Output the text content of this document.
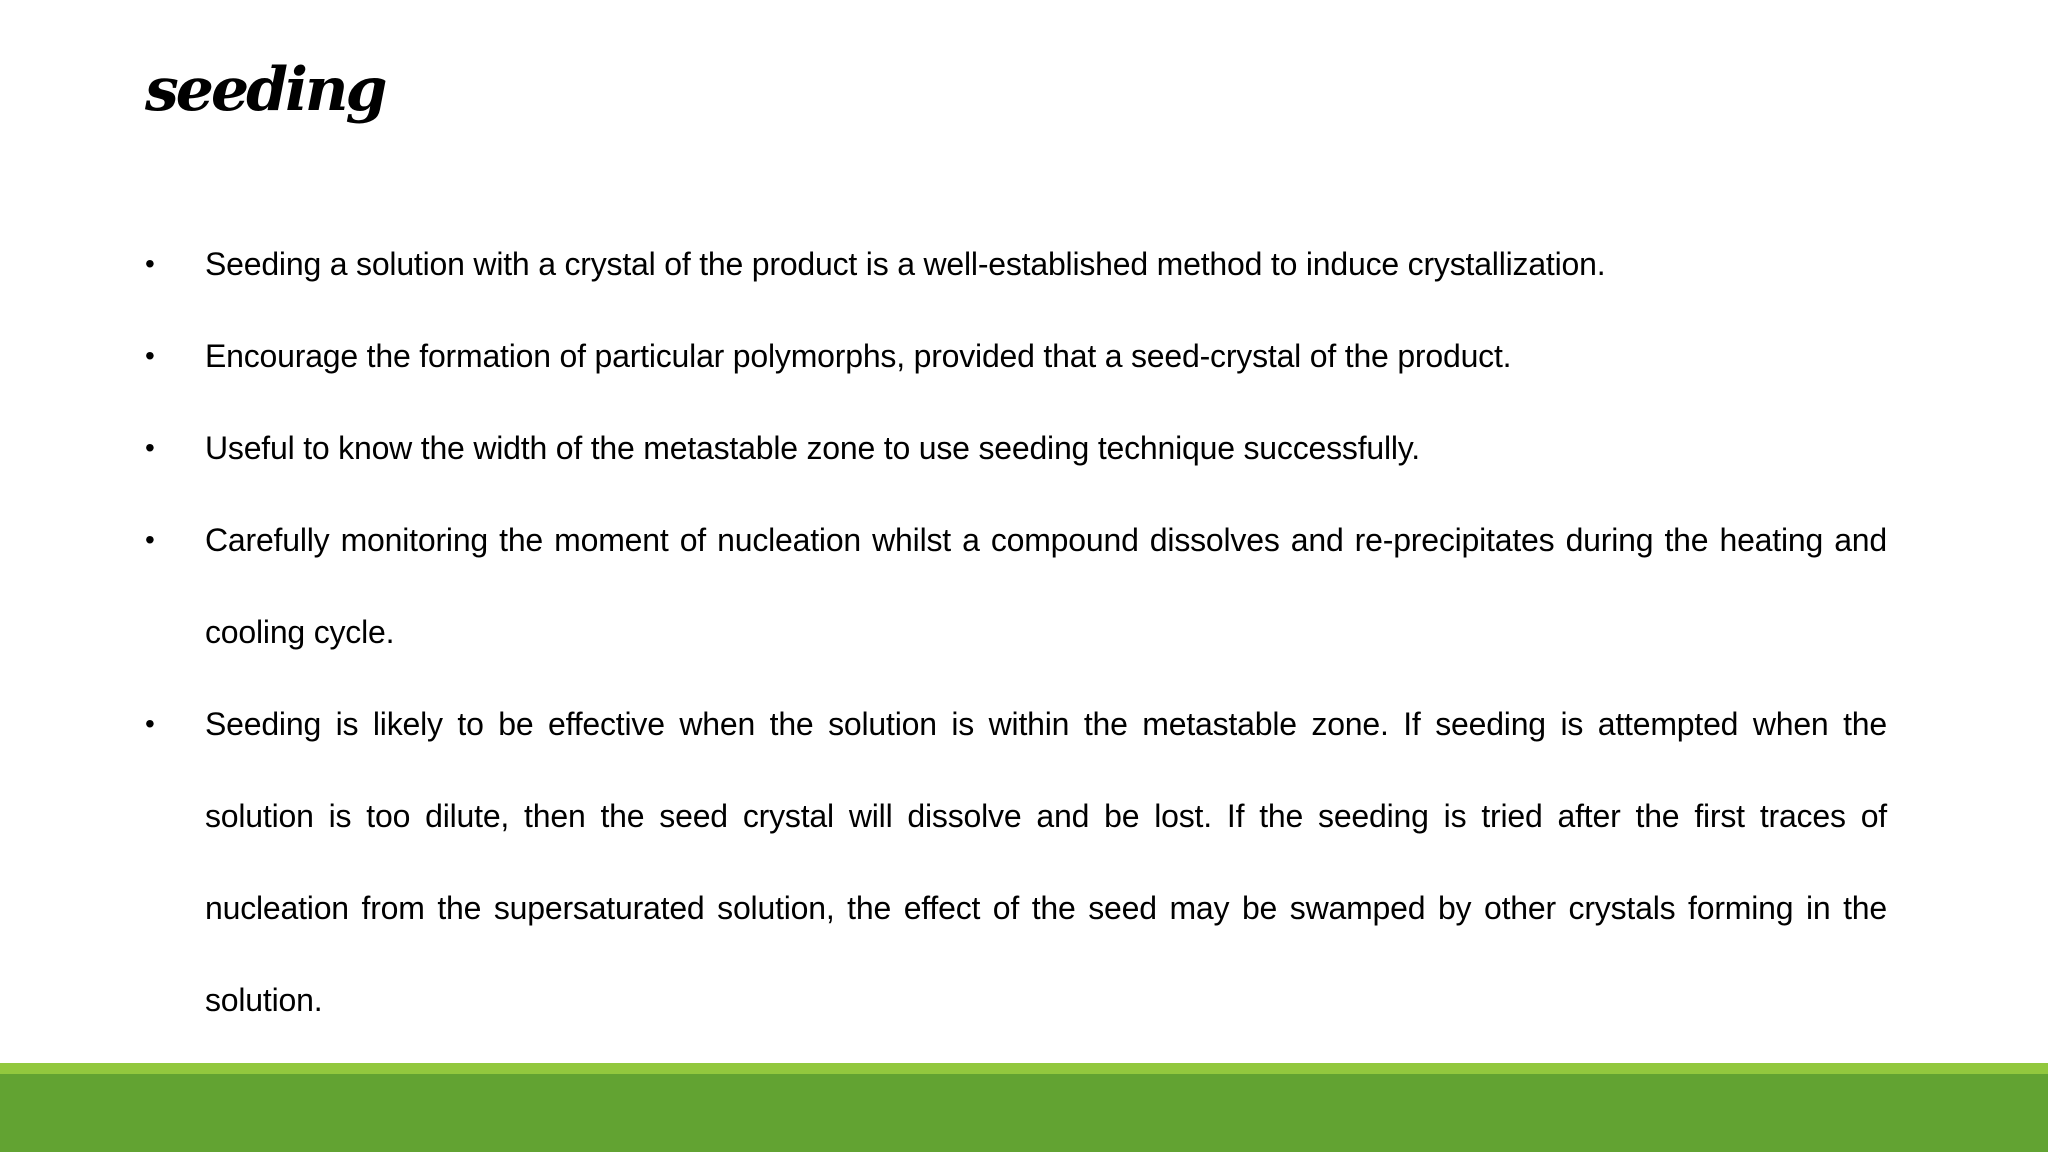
seeding
• Seeding a solution with a crystal of the product is a well-established method to induce crystallization.
• Encourage the formation of particular polymorphs, provided that a seed-crystal of the product.
• Useful to know the width of the metastable zone to use seeding technique successfully.
• Carefully monitoring the moment of nucleation whilst a compound dissolves and re-precipitates during the heating and cooling cycle.
• Seeding is likely to be effective when the solution is within the metastable zone. If seeding is attempted when the solution is too dilute, then the seed crystal will dissolve and be lost. If the seeding is tried after the first traces of nucleation from the supersaturated solution, the effect of the seed may be swamped by other crystals forming in the solution.
